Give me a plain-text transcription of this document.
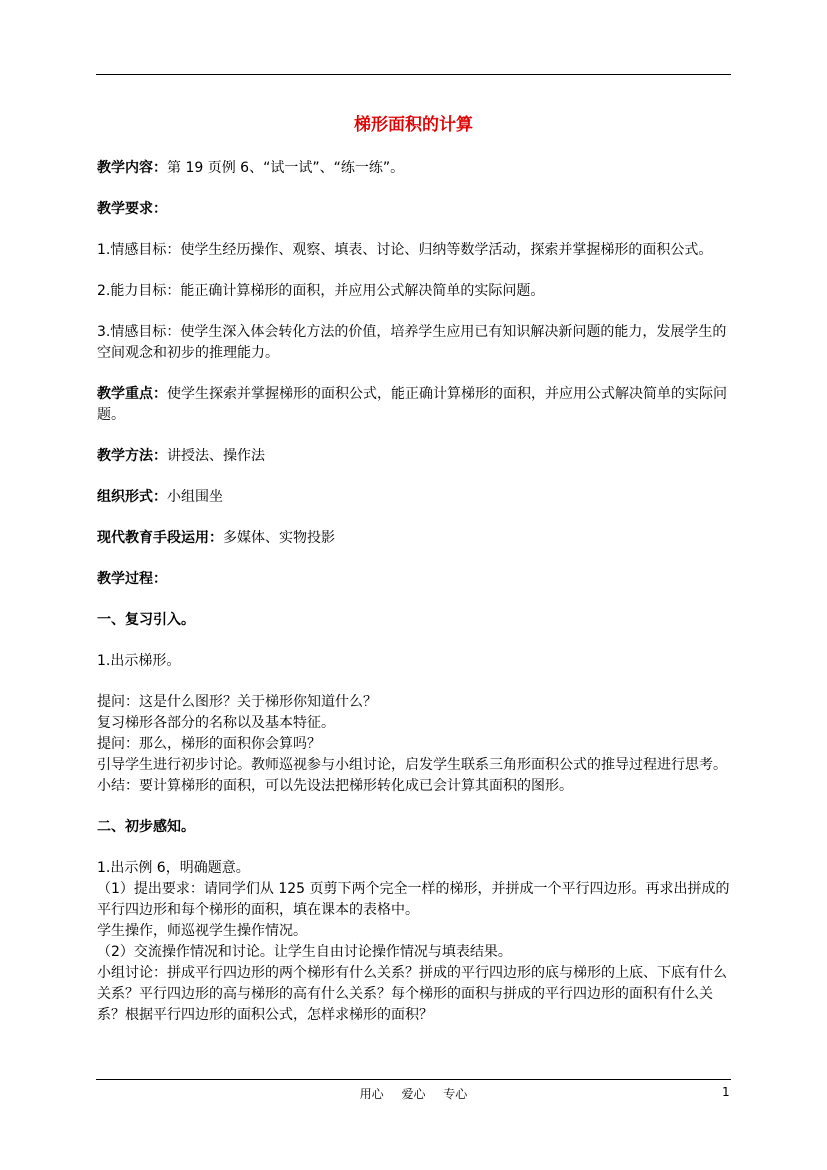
梯形面积的计算

教学内容：第 19 页例 6、“试一试”、“练一练”。

教学要求：

1.情感目标：使学生经历操作、观察、填表、讨论、归纳等数学活动，探索并掌握梯形的面积公式。

2.能力目标：能正确计算梯形的面积，并应用公式解决简单的实际问题。

3.情感目标：使学生深入体会转化方法的价值，培养学生应用已有知识解决新问题的能力，发展学生的空间观念和初步的推理能力。

教学重点：使学生探索并掌握梯形的面积公式，能正确计算梯形的面积，并应用公式解决简单的实际问题。

教学方法：讲授法、操作法

组织形式：小组围坐

现代教育手段运用：多媒体、实物投影

教学过程：

一、复习引入。

1.出示梯形。

提问：这是什么图形？关于梯形你知道什么？

复习梯形各部分的名称以及基本特征。

提问：那么，梯形的面积你会算吗？

引导学生进行初步讨论。教师巡视参与小组讨论，启发学生联系三角形面积公式的推导过程进行思考。

小结：要计算梯形的面积，可以先设法把梯形转化成已会计算其面积的图形。

二、初步感知。

1.出示例 6，明确题意。

（1）提出要求：请同学们从 125 页剪下两个完全一样的梯形，并拼成一个平行四边形。再求出拼成的平行四边形和每个梯形的面积，填在课本的表格中。

学生操作，师巡视学生操作情况。

（2）交流操作情况和讨论。让学生自由讨论操作情况与填表结果。

小组讨论：拼成平行四边形的两个梯形有什么关系？拼成的平行四边形的底与梯形的上底、下底有什么关系？平行四边形的高与梯形的高有什么关系？每个梯形的面积与拼成的平行四边形的面积有什么关系？根据平行四边形的面积公式，怎样求梯形的面积？

用心 爱心 专心	1
